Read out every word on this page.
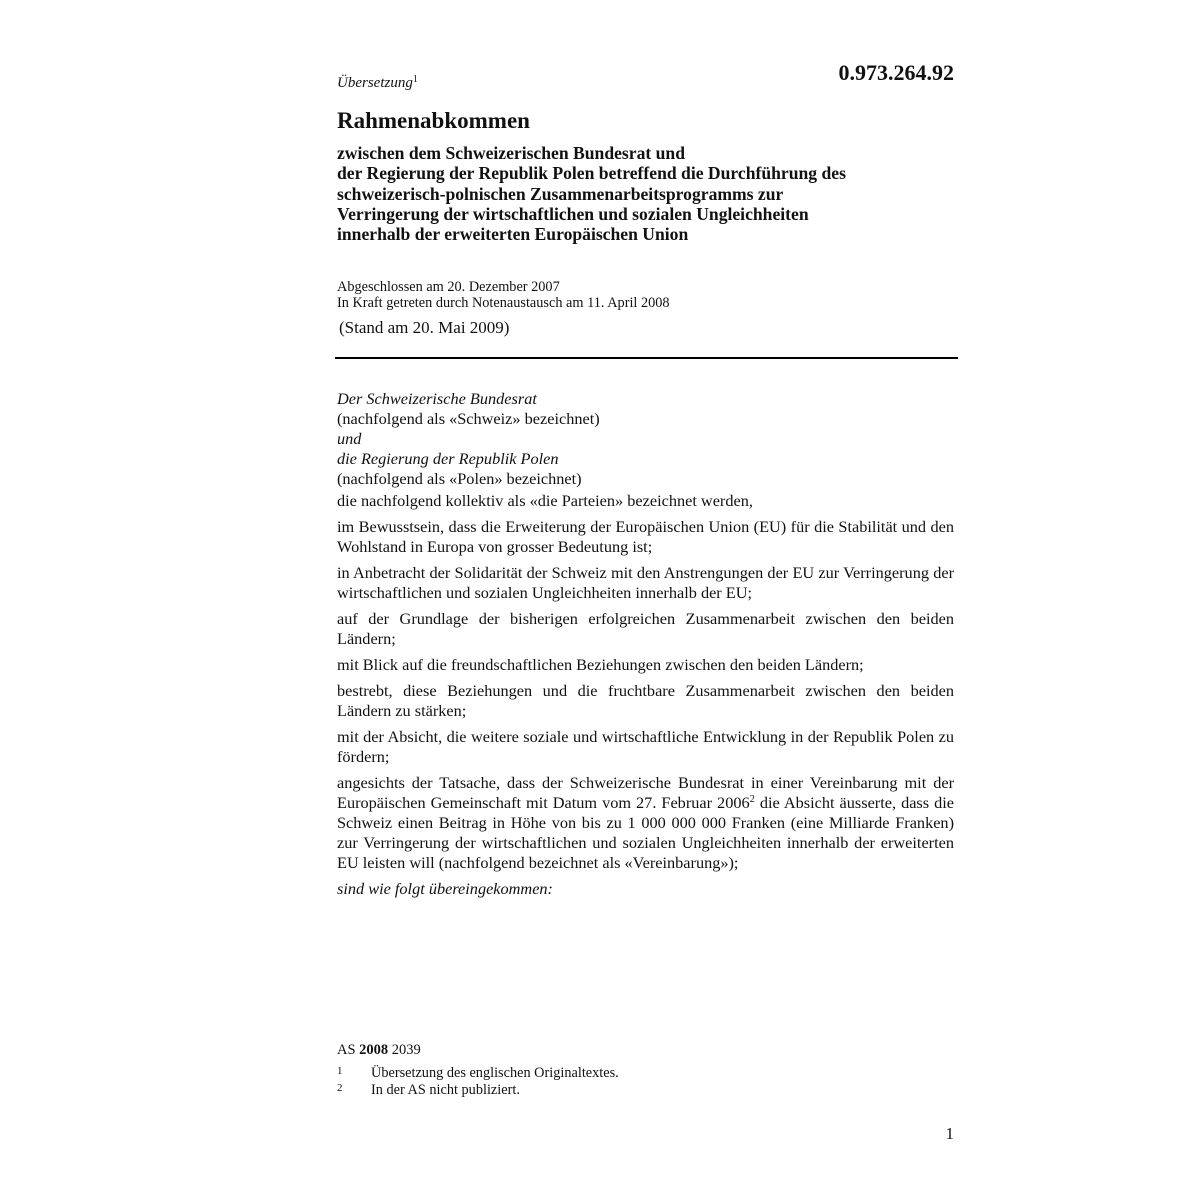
Übersetzung$^1$	0.973.264.92
Rahmenabkommen
zwischen dem Schweizerischen Bundesrat und
der Regierung der Republik Polen betreffend die Durchführung des
schweizerisch-polnischen Zusammenarbeitsprogramms zur
Verringerung der wirtschaftlichen und sozialen Ungleichheiten
innerhalb der erweiterten Europäischen Union
Abgeschlossen am 20. Dezember 2007
In Kraft getreten durch Notenaustausch am 11. April 2008
(Stand am 20. Mai 2009)

Der Schweizerische Bundesrat

(nachfolgend als «Schweiz» bezeichnet)

und

die Regierung der Republik Polen

(nachfolgend als «Polen» bezeichnet)

die nachfolgend kollektiv als «die Parteien» bezeichnet werden,

im Bewusstsein, dass die Erweiterung der Europäischen Union (EU) für die Stabilität und den Wohlstand in Europa von grosser Bedeutung ist;

in Anbetracht der Solidarität der Schweiz mit den Anstrengungen der EU zur Verringerung der wirtschaftlichen und sozialen Ungleichheiten innerhalb der EU;

auf der Grundlage der bisherigen erfolgreichen Zusammenarbeit zwischen den beiden Ländern;

mit Blick auf die freundschaftlichen Beziehungen zwischen den beiden Ländern;

bestrebt, diese Beziehungen und die fruchtbare Zusammenarbeit zwischen den beiden Ländern zu stärken;

mit der Absicht, die weitere soziale und wirtschaftliche Entwicklung in der Republik Polen zu fördern;

angesichts der Tatsache, dass der Schweizerische Bundesrat in einer Vereinbarung mit der Europäischen Gemeinschaft mit Datum vom 27. Februar 2006$^2$ die Absicht äusserte, dass die Schweiz einen Beitrag in Höhe von bis zu 1 000 000 000 Franken (eine Milliarde Franken) zur Verringerung der wirtschaftlichen und sozialen Ungleichheiten innerhalb der erweiterten EU leisten will (nachfolgend bezeichnet als «Vereinbarung»);

sind wie folgt übereingekommen:

AS 2008 2039
1 Übersetzung des englischen Originaltextes.
2 In der AS nicht publiziert.
1
